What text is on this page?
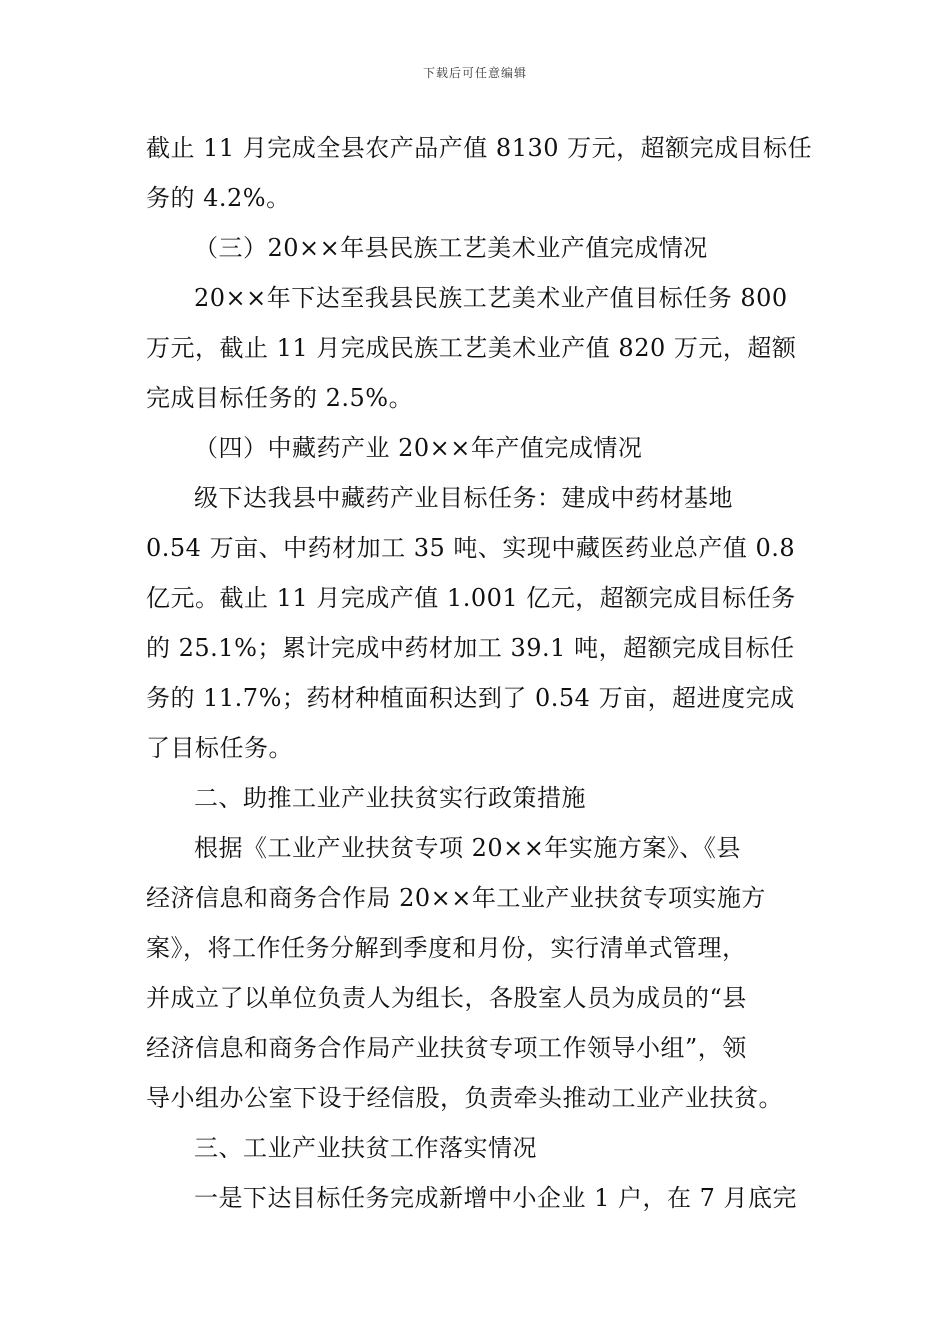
下载后可任意编辑
截止 11 月完成全县农产品产值 8130 万元，超额完成目标任
务的 4.2%。
（三）20××年县民族工艺美术业产值完成情况
20××年下达至我县民族工艺美术业产值目标任务 800
万元，截止 11 月完成民族工艺美术业产值 820 万元，超额
完成目标任务的 2.5%。
（四）中藏药产业 20××年产值完成情况
级下达我县中藏药产业目标任务：建成中药材基地
0.54 万亩、中药材加工 35 吨、实现中藏医药业总产值 0.8
亿元。截止 11 月完成产值 1.001 亿元，超额完成目标任务
的 25.1%；累计完成中药材加工 39.1 吨，超额完成目标任
务的 11.7%；药材种植面积达到了 0.54 万亩，超进度完成
了目标任务。
二、助推工业产业扶贫实行政策措施
根据《工业产业扶贫专项 20××年实施方案》、《县
经济信息和商务合作局 20××年工业产业扶贫专项实施方
案》，将工作任务分解到季度和月份，实行清单式管理，
并成立了以单位负责人为组长，各股室人员为成员的“县
经济信息和商务合作局产业扶贫专项工作领导小组”，领
导小组办公室下设于经信股，负责牵头推动工业产业扶贫。
三、工业产业扶贫工作落实情况
一是下达目标任务完成新增中小企业 1 户，在 7 月底完
